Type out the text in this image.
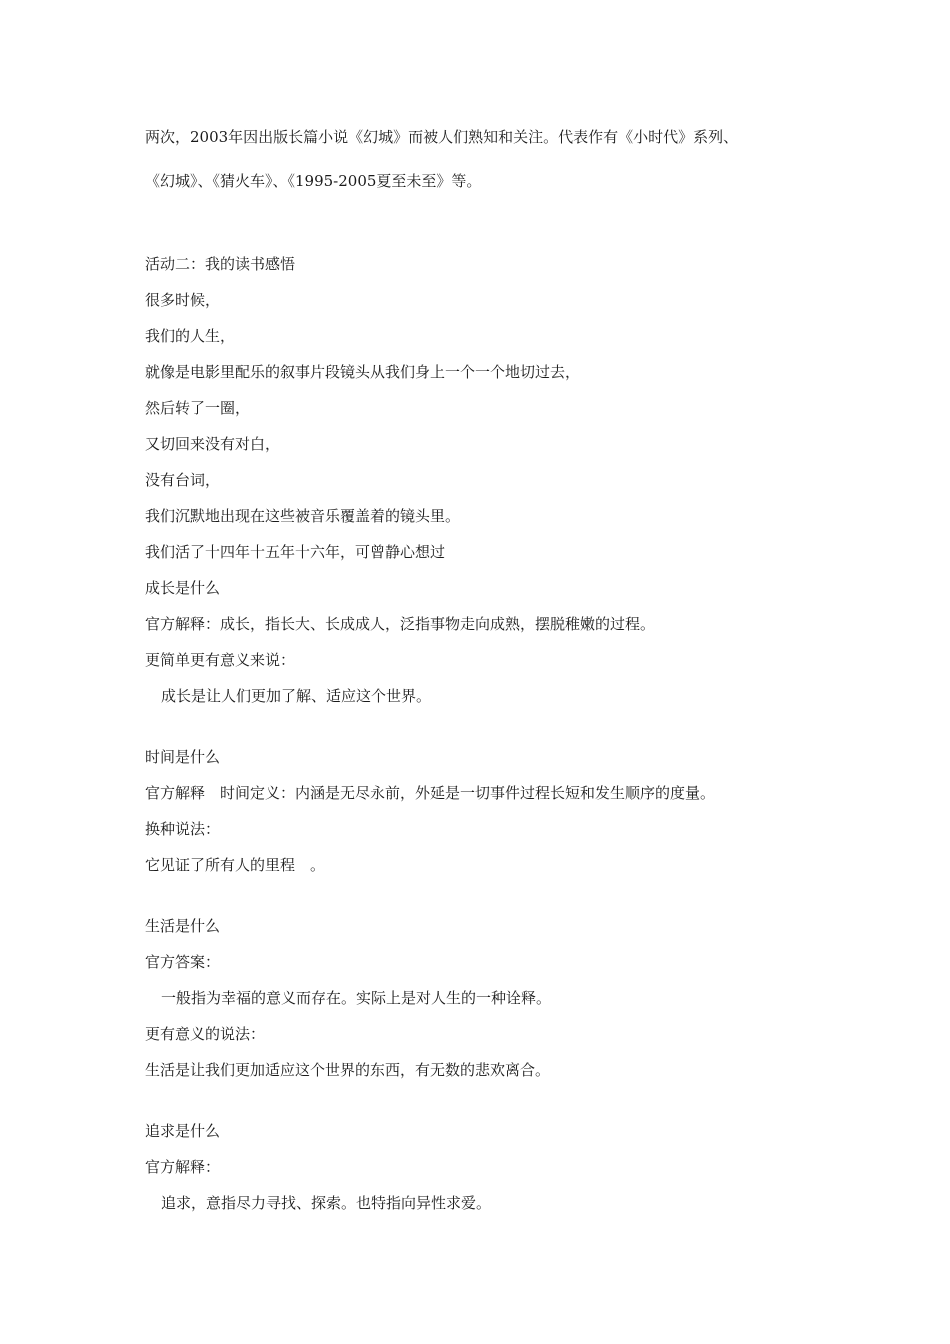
两次，2003年因出版长篇小说《幻城》而被人们熟知和关注。代表作有《小时代》系列、
《幻城》、《猜火车》、《1995-2005夏至未至》等。
活动二：我的读书感悟
很多时候，
我们的人生，
就像是电影里配乐的叙事片段镜头从我们身上一个一个地切过去，
然后转了一圈，
又切回来没有对白，
没有台词，
我们沉默地出现在这些被音乐覆盖着的镜头里。
我们活了十四年十五年十六年，可曾静心想过
成长是什么
官方解释：成长，指长大、长成成人，泛指事物走向成熟，摆脱稚嫩的过程。
更简单更有意义来说：
成长是让人们更加了解、适应这个世界。
时间是什么
官方解释　时间定义：内涵是无尽永前，外延是一切事件过程长短和发生顺序的度量。
换种说法：
它见证了所有人的里程　。
生活是什么
官方答案：
一般指为幸福的意义而存在。实际上是对人生的一种诠释。
更有意义的说法：
生活是让我们更加适应这个世界的东西，有无数的悲欢离合。
追求是什么
官方解释：
追求，意指尽力寻找、探索。也特指向异性求爱。
